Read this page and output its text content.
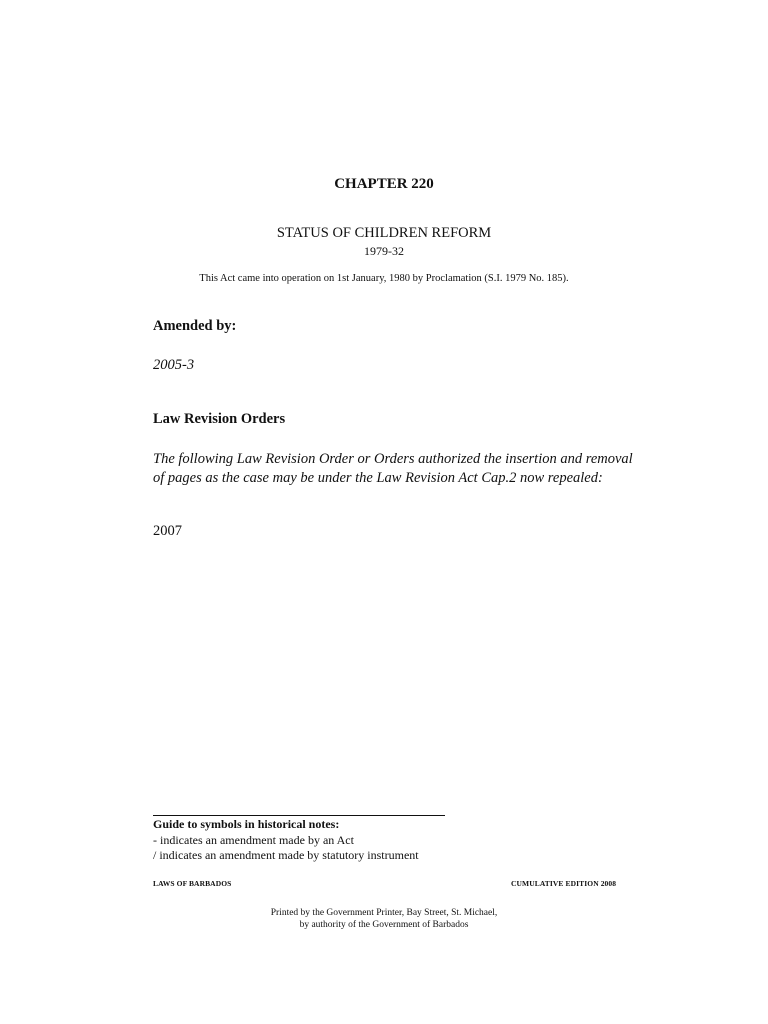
CHAPTER 220
STATUS OF CHILDREN REFORM
1979-32
This Act came into operation on 1st January, 1980 by Proclamation (S.I. 1979 No. 185).
Amended by:
2005-3
Law Revision Orders
The following Law Revision Order or Orders authorized the insertion and removal of pages as the case may be under the Law Revision Act Cap.2 now repealed:
2007
Guide to symbols in historical notes:
- indicates an amendment made by an Act
/ indicates an amendment made by statutory instrument
LAWS OF BARBADOS	CUMULATIVE EDITION 2008
Printed by the Government Printer, Bay Street, St. Michael,
by authority of the Government of Barbados
